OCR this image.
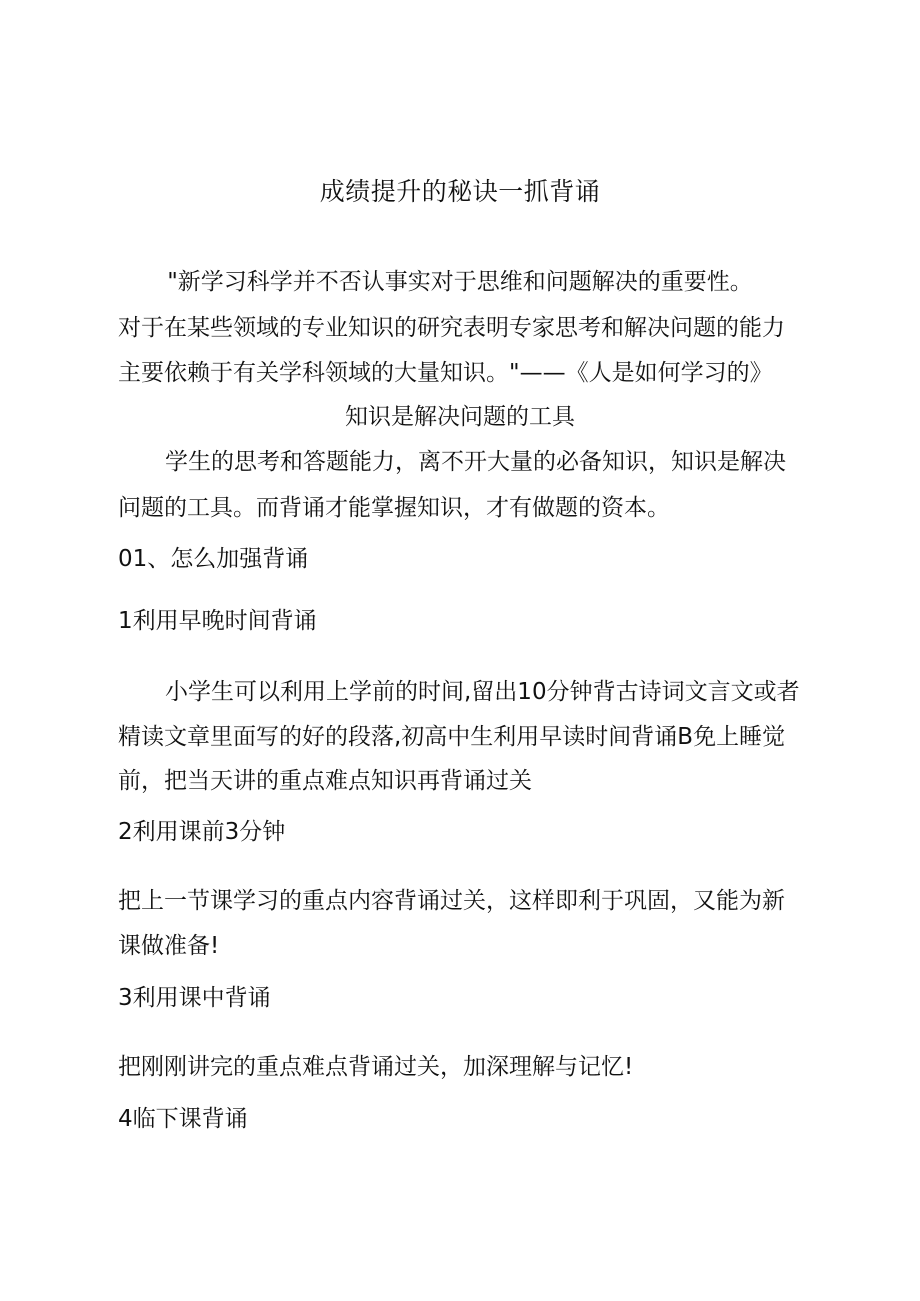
成绩提升的秘诀一抓背诵
"新学习科学并不否认事实对于思维和问题解决的重要性。
对于在某些领域的专业知识的研究表明专家思考和解决问题的能力
主要依赖于有关学科领域的大量知识。"——《人是如何学习的》
知识是解决问题的工具
学生的思考和答题能力，离不开大量的必备知识，知识是解决
问题的工具。而背诵才能掌握知识，才有做题的资本。
01、怎么加强背诵
1利用早晚时间背诵
小学生可以利用上学前的时间,留出10分钟背古诗词文言文或者
精读文章里面写的好的段落,初高中生利用早读时间背诵B免上睡觉
前，把当天讲的重点难点知识再背诵过关
2利用课前3分钟
把上一节课学习的重点内容背诵过关，这样即利于巩固，又能为新
课做准备!
3利用课中背诵
把刚刚讲完的重点难点背诵过关，加深理解与记忆!
4临下课背诵
